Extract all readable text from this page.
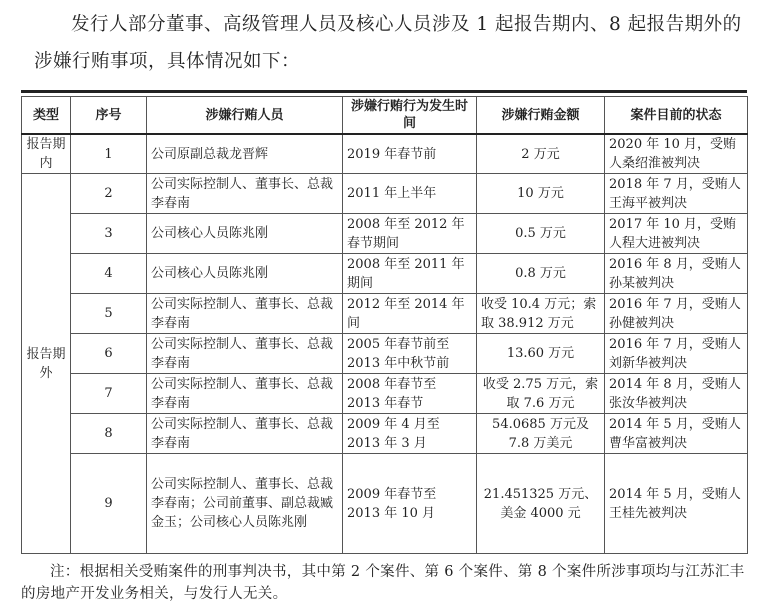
发行人部分董事、高级管理人员及核心人员涉及 1 起报告期内、8 起报告期外的涉嫌行贿事项，具体情况如下：
类型	序号	涉嫌行贿人员	涉嫌行贿行为发生时间	涉嫌行贿金额	案件目前的状态
报告期内	1	公司原副总裁龙晋辉	2019 年春节前	2 万元	2020 年 10 月，受贿人桑绍淮被判决
报告期外	2	公司实际控制人、董事长、总裁李春南	2011 年上半年	10 万元	2018 年 7 月，受贿人王海平被判决
	3	公司核心人员陈兆刚	2008 年至 2012 年春节期间	0.5 万元	2017 年 10 月，受贿人程大进被判决
	4	公司核心人员陈兆刚	2008 年至 2011 年期间	0.8 万元	2016 年 8 月，受贿人孙某被判决
	5	公司实际控制人、董事长、总裁李春南	2012 年至 2014 年间	收受 10.4 万元；索取 38.912 万元	2016 年 7 月，受贿人孙健被判决
	6	公司实际控制人、董事长、总裁李春南	2005 年春节前至 2013 年中秋节前	13.60 万元	2016 年 7 月，受贿人刘新华被判决
	7	公司实际控制人、董事长、总裁李春南	2008 年春节至 2013 年春节	收受 2.75 万元，索取 7.6 万元	2014 年 8 月，受贿人张汝华被判决
	8	公司实际控制人、董事长、总裁李春南	2009 年 4 月至 2013 年 3 月	54.0685 万元及 7.8 万美元	2014 年 5 月，受贿人曹华富被判决
	9	公司实际控制人、董事长、总裁李春南；公司前董事、副总裁臧金玉；公司核心人员陈兆刚	2009 年春节至 2013 年 10 月	21.451325 万元、美金 4000 元	2014 年 5 月，受贿人王桂先被判决
注：根据相关受贿案件的刑事判决书，其中第 2 个案件、第 6 个案件、第 8 个案件所涉事项均与江苏汇丰的房地产开发业务相关，与发行人无关。
